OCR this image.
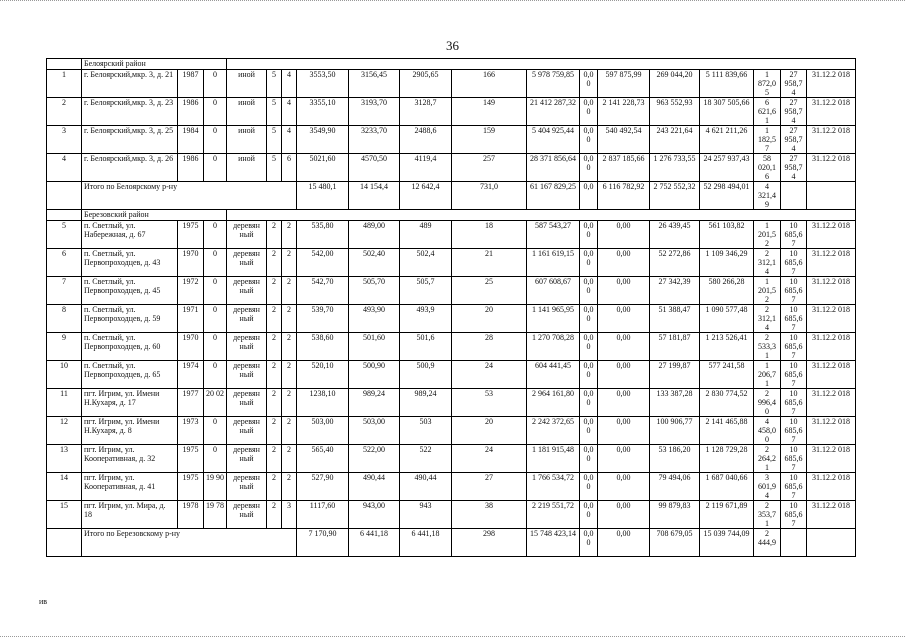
36
	Белоярский район																	
1	г. Белоярский,мкр. 3, д. 21	1987	0	иной	5	4	3553,50	3156,45	2905,65	166	5 978 759,85	0,0 0	597 875,99	269 044,20	5 111 839,66	1 872,0 5	27 958,7 4	31.12.2 018
2	г. Белоярский,мкр. 3, д. 23	1986	0	иной	5	4	3355,10	3193,70	3128,7	149	21 412 287,32	0,0 0	2 141 228,73	963 552,93	18 307 505,66	6 621,6 1	27 958,7 4	31.12.2 018
3	г. Белоярский,мкр. 3, д. 25	1984	0	иной	5	4	3549,90	3233,70	2488,6	159	5 404 925,44	0,0 0	540 492,54	243 221,64	4 621 211,26	1 182,5 7	27 958,7 4	31.12.2 018
4	г. Белоярский,мкр. 3, д. 26	1986	0	иной	5	6	5021,60	4570,50	4119,4	257	28 371 856,64	0,0 0	2 837 185,66	1 276 733,55	24 257 937,43	58 020,1 6	27 958,7 4	31.12.2 018
	Итого по Белоярскому р-ну						15 480,1	14 154,4	12 642,4	731,0	61 167 829,25	0,0	6 116 782,92	2 752 552,32	52 298 494,01	4 321,4 9		
	Березовский район																	
5	п. Светлый, ул. Набережная, д. 67	1975	0	деревян ный	2	2	535,80	489,00	489	18	587 543,27	0,0 0	0,00	26 439,45	561 103,82	1 201,5 2	10 685,6 7	31.12.2 018
6	п. Светлый, ул. Первопроходцев, д. 43	1970	0	деревян ный	2	2	542,00	502,40	502,4	21	1 161 619,15	0,0 0	0,00	52 272,86	1 109 346,29	2 312,1 4	10 685,6 7	31.12.2 018
7	п. Светлый, ул. Первопроходцев, д. 45	1972	0	деревян ный	2	2	542,70	505,70	505,7	25	607 608,67	0,0 0	0,00	27 342,39	580 266,28	1 201,5 2	10 685,6 7	31.12.2 018
8	п. Светлый, ул. Первопроходцев, д. 59	1971	0	деревян ный	2	2	539,70	493,90	493,9	20	1 141 965,95	0,0 0	0,00	51 388,47	1 090 577,48	2 312,1 4	10 685,6 7	31.12.2 018
9	п. Светлый, ул. Первопроходцев, д. 60	1970	0	деревян ный	2	2	538,60	501,60	501,6	28	1 270 708,28	0,0 0	0,00	57 181,87	1 213 526,41	2 533,3 1	10 685,6 7	31.12.2 018
10	п. Светлый, ул. Первопроходцев, д. 65	1974	0	деревян ный	2	2	520,10	500,90	500,9	24	604 441,45	0,0 0	0,00	27 199,87	577 241,58	1 206,7 1	10 685,6 7	31.12.2 018
11	пгт. Игрим, ул. Имени Н.Кухаря, д. 17	1977	20 02	деревян ный	2	2	1238,10	989,24	989,24	53	2 964 161,80	0,0 0	0,00	133 387,28	2 830 774,52	2 996,4 0	10 685,6 7	31.12.2 018
12	пгт. Игрим, ул. Имени Н.Кухаря, д. 8	1973	0	деревян ный	2	2	503,00	503,00	503	20	2 242 372,65	0,0 0	0,00	100 906,77	2 141 465,88	4 458,0 0	10 685,6 7	31.12.2 018
13	пгт. Игрим, ул. Кооперативная, д. 32	1975	0	деревян ный	2	2	565,40	522,00	522	24	1 181 915,48	0,0 0	0,00	53 186,20	1 128 729,28	2 264,2 1	10 685,6 7	31.12.2 018
14	пгт. Игрим, ул. Кооперативная, д. 41	1975	19 90	деревян ный	2	2	527,90	490,44	490,44	27	1 766 534,72	0,0 0	0,00	79 494,06	1 687 040,66	3 601,9 4	10 685,6 7	31.12.2 018
15	пгт. Игрим, ул. Мира, д. 18	1978	19 78	деревян ный	2	3	1117,60	943,00	943	38	2 219 551,72	0,0 0	0,00	99 879,83	2 119 671,89	2 353,7 1	10 685,6 7	31.12.2 018
	Итого по Березовскому р-ну						7 170,90	6 441,18	6 441,18	298	15 748 423,14	0,0 0	0,00	708 679,05	15 039 744,09	2 444,9		
ив
